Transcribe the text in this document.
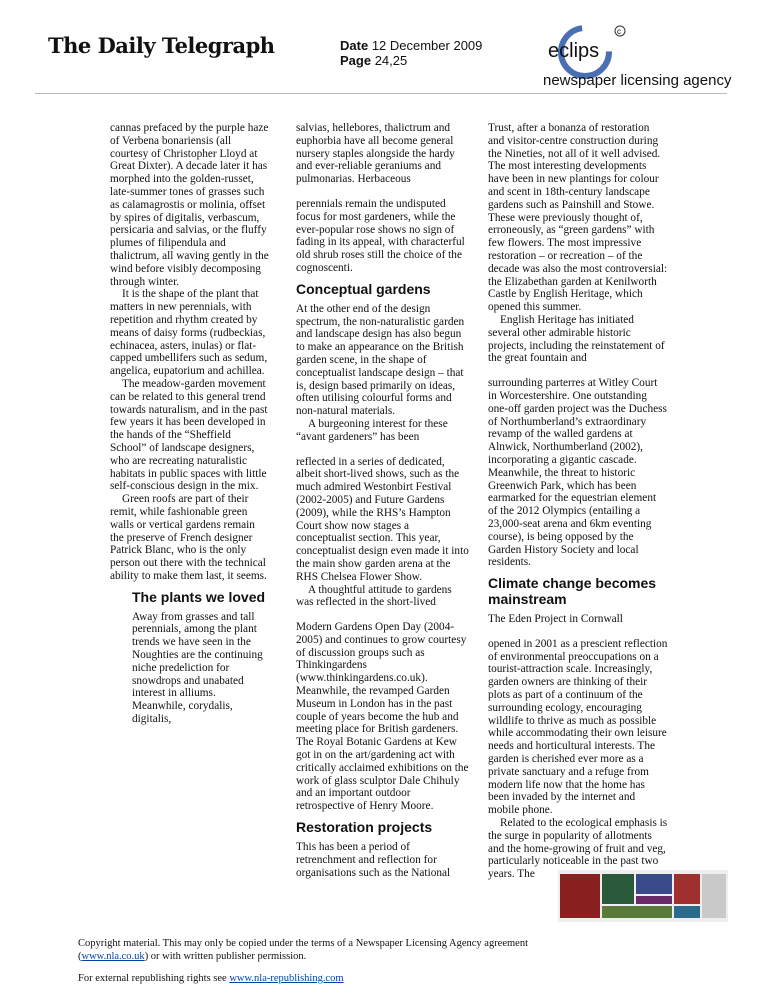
The Daily Telegraph	Date 12 December 2009
Page 24,25
c
eclips
newspaper licensing agency

cannas prefaced by the purple haze of Verbena bonariensis (all courtesy of Christopher Lloyd at Great Dixter). A decade later it has morphed into the golden-russet, late-summer tones of grasses such as calamagrostis or molinia, offset by spires of digitalis, verbascum, persicaria and salvias, or the fluffy plumes of filipendula and thalictrum, all waving gently in the wind before visibly decomposing through winter.

It is the shape of the plant that matters in new perennials, with repetition and rhythm created by means of daisy forms (rudbeckias, echinacea, asters, inulas) or flat-capped umbellifers such as sedum, angelica, eupatorium and achillea.

The meadow-garden movement can be related to this general trend towards naturalism, and in the past few years it has been developed in the hands of the “Sheffield School” of landscape designers, who are recreating naturalistic habitats in public spaces with little self-conscious design in the mix.

Green roofs are part of their remit, while fashionable green walls or vertical gardens remain the preserve of French designer Patrick Blanc, who is the only person out there with the technical ability to make them last, it seems.

The plants we loved

Away from grasses and tall perennials, among the plant trends we have seen in the Noughties are the continuing niche predeliction for snowdrops and unabated interest in alliums. Meanwhile, corydalis, digitalis,

salvias, hellebores, thalictrum and euphorbia have all become general nursery staples alongside the hardy and ever-reliable geraniums and pulmonarias. Herbaceous

perennials remain the undisputed focus for most gardeners, while the ever-popular rose shows no sign of fading in its appeal, with characterful old shrub roses still the choice of the cognoscenti.

Conceptual gardens

At the other end of the design spectrum, the non-naturalistic garden and landscape design has also begun to make an appearance on the British garden scene, in the shape of conceptualist landscape design – that is, design based primarily on ideas, often utilising colourful forms and non-natural materials.

A burgeoning interest for these “avant gardeners” has been

reflected in a series of dedicated, albeit short-lived shows, such as the much admired Westonbirt Festival (2002-2005) and Future Gardens (2009), while the RHS’s Hampton Court show now stages a conceptualist section. This year, conceptualist design even made it into the main show garden arena at the RHS Chelsea Flower Show.

A thoughtful attitude to gardens was reflected in the short-lived

Modern Gardens Open Day (2004-2005) and continues to grow courtesy of discussion groups such as Thinkingardens (www.thinkingardens.co.uk). Meanwhile, the revamped Garden Museum in London has in the past couple of years become the hub and meeting place for British gardeners. The Royal Botanic Gardens at Kew got in on the art/gardening act with critically acclaimed exhibitions on the work of glass sculptor Dale Chihuly and an important outdoor retrospective of Henry Moore.

Restoration projects

This has been a period of retrenchment and reflection for organisations such as the National

Trust, after a bonanza of restoration and visitor-centre construction during the Nineties, not all of it well advised. The most interesting developments have been in new plantings for colour and scent in 18th-century landscape gardens such as Painshill and Stowe. These were previously thought of, erroneously, as “green gardens” with few flowers. The most impressive restoration – or recreation – of the decade was also the most controversial: the Elizabethan garden at Kenilworth Castle by English Heritage, which opened this summer.

English Heritage has initiated several other admirable historic projects, including the reinstatement of the great fountain and

surrounding parterres at Witley Court in Worcestershire. One outstanding one-off garden project was the Duchess of Northumberland’s extraordinary revamp of the walled gardens at Alnwick, Northumberland (2002), incorporating a gigantic cascade. Meanwhile, the threat to historic Greenwich Park, which has been earmarked for the equestrian element of the 2012 Olympics (entailing a 23,000-seat arena and 6km eventing course), is being opposed by the Garden History Society and local residents.

Climate change becomes mainstream

The Eden Project in Cornwall

opened in 2001 as a prescient reflection of environmental preoccupations on a tourist-attraction scale. Increasingly, garden owners are thinking of their plots as part of a continuum of the surrounding ecology, encouraging wildlife to thrive as much as possible while accommodating their own leisure needs and horticultural interests. The garden is cherished ever more as a private sanctuary and a refuge from modern life now that the home has been invaded by the internet and mobile phone.

Related to the ecological emphasis is the surge in popularity of allotments and the home-growing of fruit and veg, particularly noticeable in the past two years. The

Copyright material. This may only be copied under the terms of a Newspaper Licensing Agency agreement (www.nla.co.uk) or with written publisher permission.
For external republishing rights see www.nla-republishing.com
